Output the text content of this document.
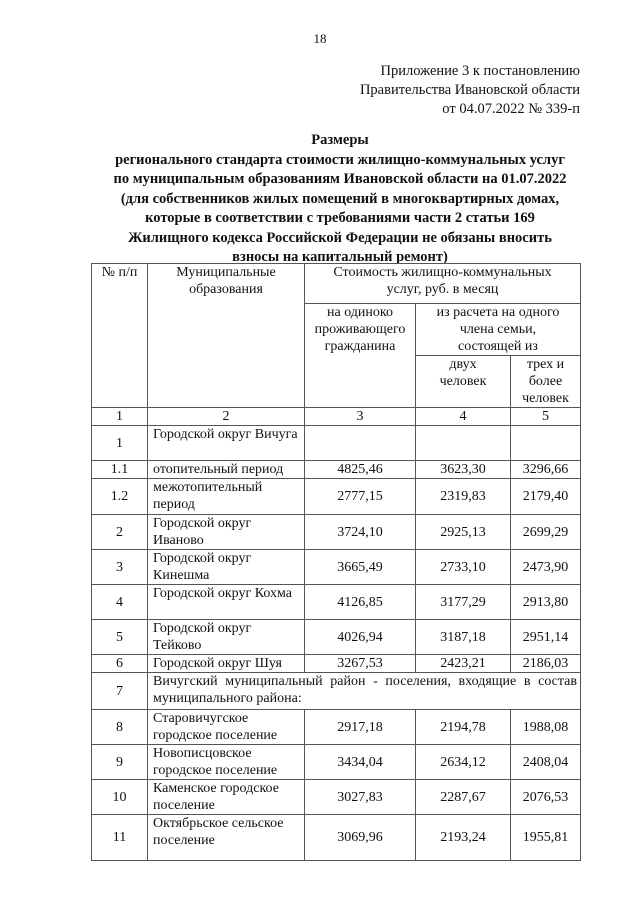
18
Приложение 3 к постановлению
Правительства Ивановской области
от 04.07.2022 № 339-п
Размеры
регионального стандарта стоимости жилищно-коммунальных услуг
по муниципальным образованиям Ивановской области на 01.07.2022
(для собственников жилых помещений в многоквартирных домах,
которые в соответствии с требованиями части 2 статьи 169
Жилищного кодекса Российской Федерации не обязаны вносить
взносы на капитальный ремонт)
№ п/п	Муниципальные образования	Стоимость жилищно-коммунальных услуг, руб. в месяц		
		на одиноко проживающего гражданина	из расчета на одного члена семьи, состоящей из	
			двух человек	трех и более человек
1	2	3	4	5
1	Городской округ Вичуга			
1.1	отопительный период	4825,46	3623,30	3296,66
1.2	межотопительный период	2777,15	2319,83	2179,40
2	Городской округ Иваново	3724,10	2925,13	2699,29
3	Городской округ Кинешма	3665,49	2733,10	2473,90
4	Городской округ Кохма	4126,85	3177,29	2913,80
5	Городской округ Тейково	4026,94	3187,18	2951,14
6	Городской округ Шуя	3267,53	2423,21	2186,03
7	Вичугский муниципальный район - поселения, входящие в состав муниципального района:			
8	Старовичугское городское поселение	2917,18	2194,78	1988,08
9	Новописцовское городское поселение	3434,04	2634,12	2408,04
10	Каменское городское поселение	3027,83	2287,67	2076,53
11	Октябрьское сельское поселение	3069,96	2193,24	1955,81
